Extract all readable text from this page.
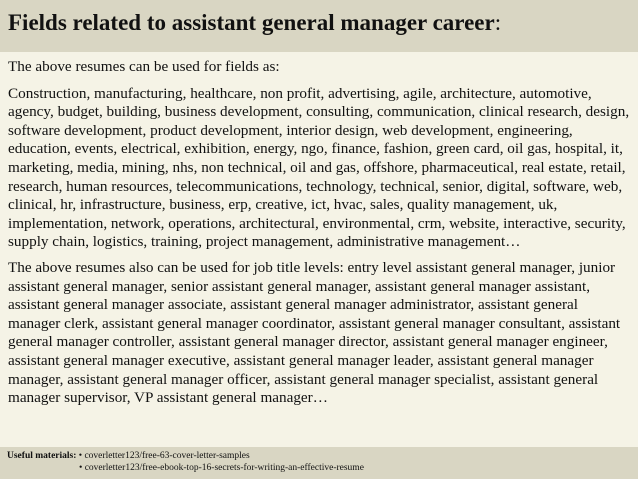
Fields related to assistant general manager career:

The above resumes can be used for fields as:

Construction, manufacturing, healthcare, non profit, advertising, agile, architecture, automotive, agency, budget, building, business development, consulting, communication, clinical research, design, software development, product development, interior design, web development, engineering, education, events, electrical, exhibition, energy, ngo, finance, fashion, green card, oil gas, hospital, it, marketing, media, mining, nhs, non technical, oil and gas, offshore, pharmaceutical, real estate, retail, research, human resources, telecommunications, technology, technical, senior, digital, software, web, clinical, hr, infrastructure, business, erp, creative, ict, hvac, sales, quality management, uk, implementation, network, operations, architectural, environmental, crm, website, interactive, security, supply chain, logistics, training, project management, administrative management…

The above resumes also can be used for job title levels: entry level assistant general manager, junior assistant general manager, senior assistant general manager, assistant general manager assistant, assistant general manager associate, assistant general manager administrator, assistant general manager clerk, assistant general manager coordinator, assistant general manager consultant, assistant general manager controller, assistant general manager director, assistant general manager engineer, assistant general manager executive, assistant general manager leader, assistant general manager manager, assistant general manager officer, assistant general manager specialist, assistant general manager supervisor, VP assistant general manager…

Useful materials: • coverletter123/free-63-cover-letter-samples
• coverletter123/free-ebook-top-16-secrets-for-writing-an-effective-resume
